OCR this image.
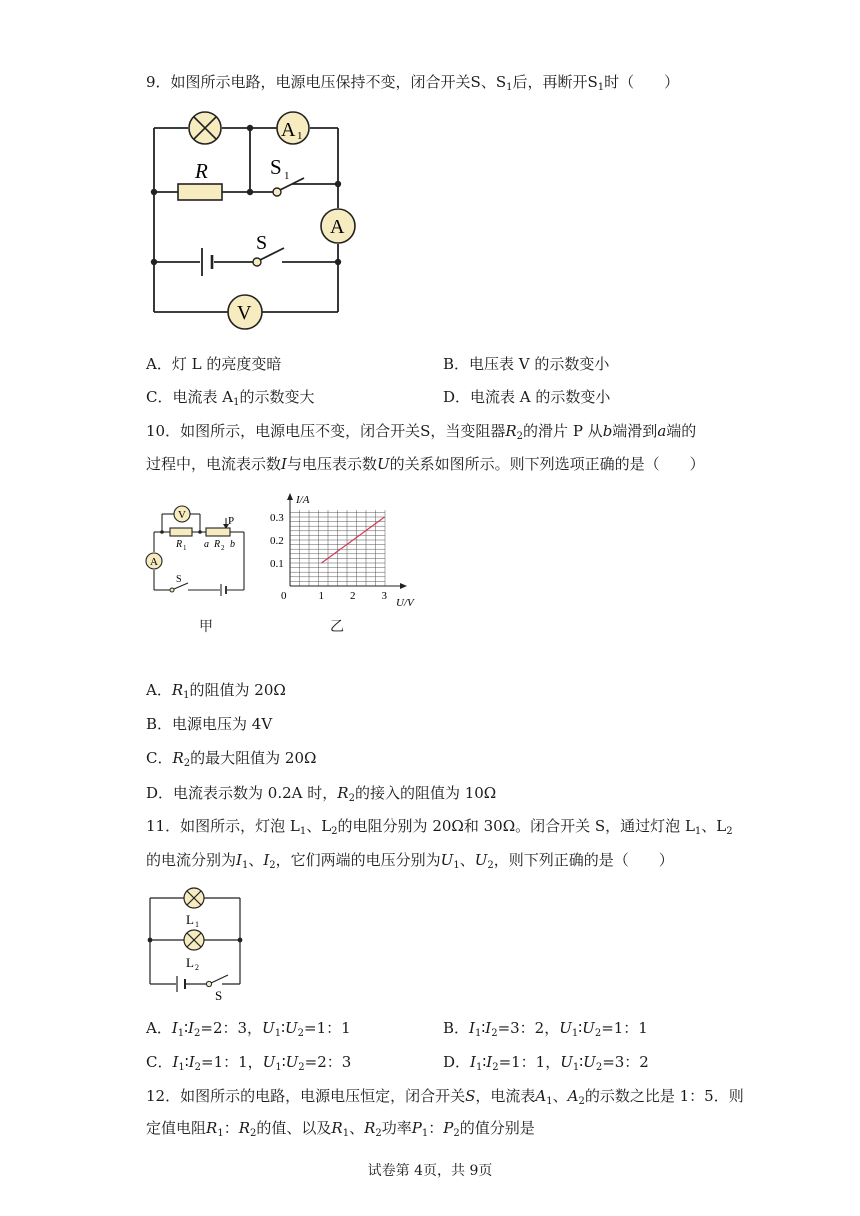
9．如图所示电路，电源电压保持不变，闭合开关S、$S_1$后，再断开$S_1$时（　　）
A 1
A
V
R	S 1
S
A．灯 L 的亮度变暗	B．电压表 V 的示数变小
C．电流表 $A_1$的示数变大	D．电流表 A 的示数变小
10．如图所示，电源电压不变，闭合开关S，当变阻器$R_2$的滑片 P 从b端滑到a端的
过程中，电流表示数I与电压表示数U的关系如图所示。则下列选项正确的是（　　）
V
A
P
R 1 a R 2 b
S
甲
0	1 2 3
0.1
0.2
0.3
I/A
U/V
乙
A．$R_1$的阻值为 20Ω
B．电源电压为 4V
C．$R_2$的最大阻值为 20Ω
D．电流表示数为 0.2A 时，$R_2$的接入的阻值为 10Ω
11．如图所示，灯泡 $L_1$、$L_2$的电阻分别为 20Ω和 30Ω。闭合开关 S，通过灯泡 $L_1$、$L_2$
的电流分别为$I_1$、$I_2$，它们两端的电压分别为$U_1$、$U_2$，则下列正确的是（　　）
L 1
L 2
S
A．$I_1∶I_2=2$：3，$U_1∶U_2=1$：1	B．$I_1∶I_2=3$：2，$U_1∶U_2=1$：1
C．$I_1∶I_2=1$：1，$U_1∶U_2=2$：3	D．$I_1∶I_2=1$：1，$U_1∶U_2=3$：2
12．如图所示的电路，电源电压恒定，闭合开关S，电流表$A_1$、$A_2$的示数之比是 1：5．则
定值电阻$R_1$：$R_2$的值、以及$R_1$、$R_2$功率$P_1$：$P_2$的值分别是
试卷第 4页，共 9页
